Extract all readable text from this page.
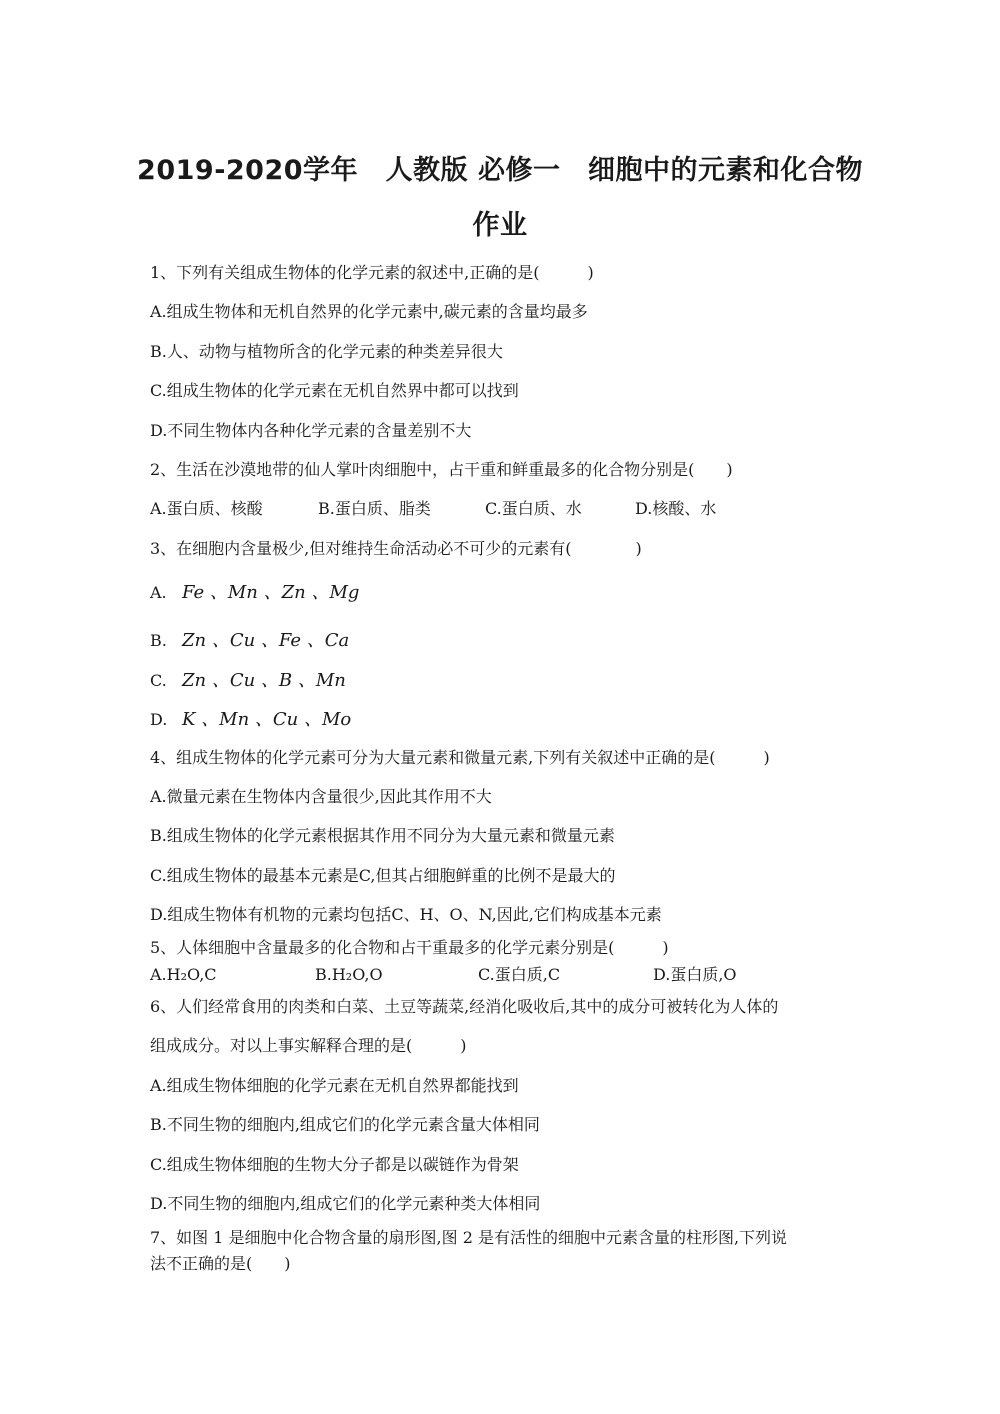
2019-2020学年　人教版 必修一　细胞中的元素和化合物
作业
1、下列有关组成生物体的化学元素的叙述中,正确的是(　　　)
A.组成生物体和无机自然界的化学元素中,碳元素的含量均最多
B.人、动物与植物所含的化学元素的种类差异很大
C.组成生物体的化学元素在无机自然界中都可以找到
D.不同生物体内各种化学元素的含量差别不大
2、生活在沙漠地带的仙人掌叶肉细胞中，占干重和鲜重最多的化合物分别是(　　)
A.蛋白质、核酸	B.蛋白质、脂类	C.蛋白质、水	D.核酸、水
3、在细胞内含量极少,但对维持生命活动必不可少的元素有(　　　　)
A. Fe 、Mn 、Zn 、Mg
B. Zn 、Cu 、Fe 、Ca
C. Zn 、Cu 、B 、Mn
D. K 、Mn 、Cu 、Mo
4、组成生物体的化学元素可分为大量元素和微量元素,下列有关叙述中正确的是(　　　)
A.微量元素在生物体内含量很少,因此其作用不大
B.组成生物体的化学元素根据其作用不同分为大量元素和微量元素
C.组成生物体的最基本元素是C,但其占细胞鲜重的比例不是最大的
D.组成生物体有机物的元素均包括C、H、O、N,因此,它们构成基本元素
5、人体细胞中含量最多的化合物和占干重最多的化学元素分别是(　　　)
A.H₂O,C	B.H₂O,O	C.蛋白质,C	D.蛋白质,O
6、人们经常食用的肉类和白菜、土豆等蔬菜,经消化吸收后,其中的成分可被转化为人体的
组成成分。对以上事实解释合理的是(　　　)
A.组成生物体细胞的化学元素在无机自然界都能找到
B.不同生物的细胞内,组成它们的化学元素含量大体相同
C.组成生物体细胞的生物大分子都是以碳链作为骨架
D.不同生物的细胞内,组成它们的化学元素种类大体相同
7、如图 1 是细胞中化合物含量的扇形图,图 2 是有活性的细胞中元素含量的柱形图,下列说
法不正确的是(　　)
